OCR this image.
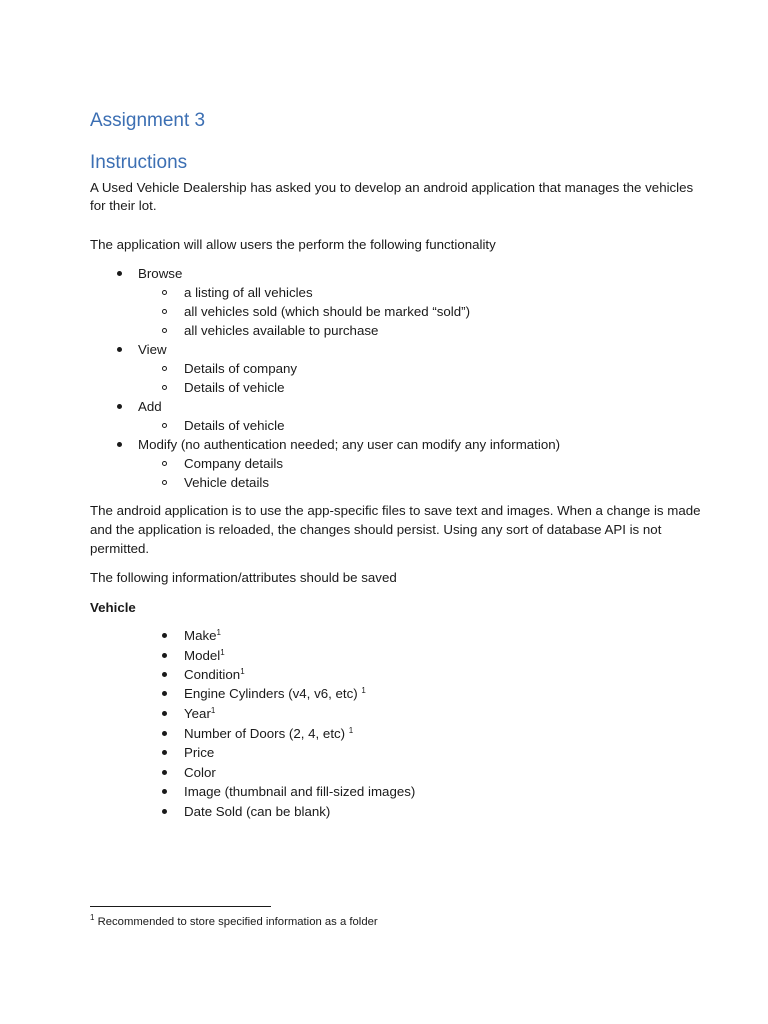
Assignment 3
Instructions
A Used Vehicle Dealership has asked you to develop an android application that manages the vehicles
for their lot.
The application will allow users the perform the following functionality
Browse
a listing of all vehicles
all vehicles sold (which should be marked “sold”)
all vehicles available to purchase
View
Details of company
Details of vehicle
Add
Details of vehicle
Modify (no authentication needed; any user can modify any information)
Company details
Vehicle details
The android application is to use the app-specific files to save text and images. When a change is made
and the application is reloaded, the changes should persist. Using any sort of database API is not
permitted.
The following information/attributes should be saved
Vehicle
Make$^1$
Model$^1$
Condition$^1$
Engine Cylinders (v4, v6, etc) $^1$
Year$^1$
Number of Doors (2, 4, etc) $^1$
Price
Color
Image (thumbnail and fill-sized images)
Date Sold (can be blank)
$^1$ Recommended to store specified information as a folder
